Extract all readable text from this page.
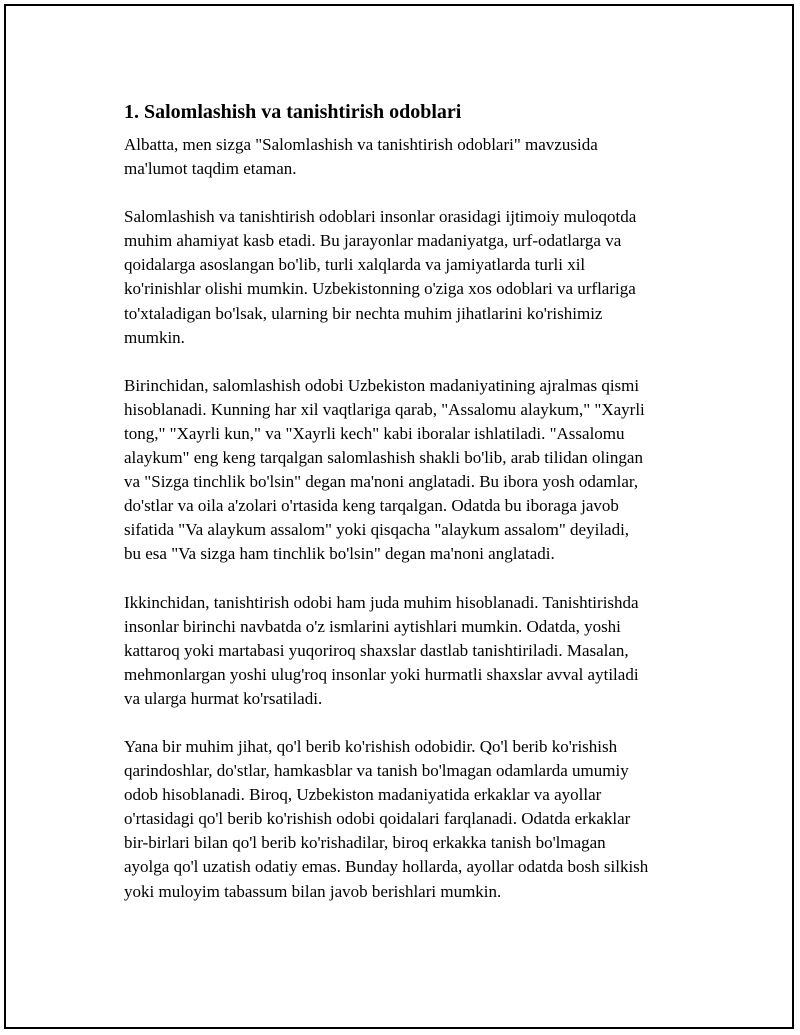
1. Salomlashish va tanishtirish odoblari
Albatta, men sizga "Salomlashish va tanishtirish odoblari" mavzusida
ma'lumot taqdim etaman.
Salomlashish va tanishtirish odoblari insonlar orasidagi ijtimoiy muloqotda
muhim ahamiyat kasb etadi. Bu jarayonlar madaniyatga, urf-odatlarga va
qoidalarga asoslangan bo'lib, turli xalqlarda va jamiyatlarda turli xil
ko'rinishlar olishi mumkin. Uzbekistonning o'ziga xos odoblari va urflariga
to'xtaladigan bo'lsak, ularning bir nechta muhim jihatlarini ko'rishimiz
mumkin.
Birinchidan, salomlashish odobi Uzbekiston madaniyatining ajralmas qismi
hisoblanadi. Kunning har xil vaqtlariga qarab, "Assalomu alaykum," "Xayrli
tong," "Xayrli kun," va "Xayrli kech" kabi iboralar ishlatiladi. "Assalomu
alaykum" eng keng tarqalgan salomlashish shakli bo'lib, arab tilidan olingan
va "Sizga tinchlik bo'lsin" degan ma'noni anglatadi. Bu ibora yosh odamlar,
do'stlar va oila a'zolari o'rtasida keng tarqalgan. Odatda bu iboraga javob
sifatida "Va alaykum assalom" yoki qisqacha "alaykum assalom" deyiladi,
bu esa "Va sizga ham tinchlik bo'lsin" degan ma'noni anglatadi.
Ikkinchidan, tanishtirish odobi ham juda muhim hisoblanadi. Tanishtirishda
insonlar birinchi navbatda o'z ismlarini aytishlari mumkin. Odatda, yoshi
kattaroq yoki martabasi yuqoriroq shaxslar dastlab tanishtiriladi. Masalan,
mehmonlargan yoshi ulug'roq insonlar yoki hurmatli shaxslar avval aytiladi
va ularga hurmat ko'rsatiladi.
Yana bir muhim jihat, qo'l berib ko'rishish odobidir. Qo'l berib ko'rishish
qarindoshlar, do'stlar, hamkasblar va tanish bo'lmagan odamlarda umumiy
odob hisoblanadi. Biroq, Uzbekiston madaniyatida erkaklar va ayollar
o'rtasidagi qo'l berib ko'rishish odobi qoidalari farqlanadi. Odatda erkaklar
bir-birlari bilan qo'l berib ko'rishadilar, biroq erkakka tanish bo'lmagan
ayolga qo'l uzatish odatiy emas. Bunday hollarda, ayollar odatda bosh silkish
yoki muloyim tabassum bilan javob berishlari mumkin.
